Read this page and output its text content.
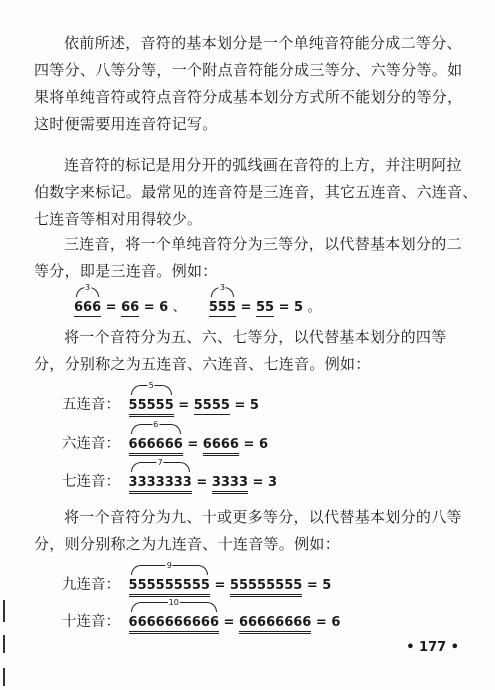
依前所述，音符的基本划分是一个单纯音符能分成二等分、
四等分、八等分等，一个附点音符能分成三等分、六等分等。如
果将单纯音符或符点音符分成基本划分方式所不能划分的等分，
这时便需要用连音符记写。
连音符的标记是用分开的弧线画在音符的上方，并注明阿拉
伯数字来标记。最常见的连音符是三连音，其它五连音、六连音、
七连音等相对用得较少。
三连音，将一个单纯音符分为三等分，以代替基本划分的二
等分，即是三连音。例如：
3
666 = 66 = 6 、
3
555 = 55 = 5 。
将一个音符分为五、六、七等分，以代替基本划分的四等
分，分别称之为五连音、六连音、七连音。例如：
五连音：
5
55555 = 5555 = 5
六连音：
6
666666 = 6666 = 6
七连音：
7
3333333 = 3333 = 3
将一个音符分为九、十或更多等分，以代替基本划分的八等
分，则分别称之为九连音、十连音等。例如：
九连音：
9
555555555 = 55555555 = 5
十连音：
10
6666666666 = 66666666 = 6
• 177 •
